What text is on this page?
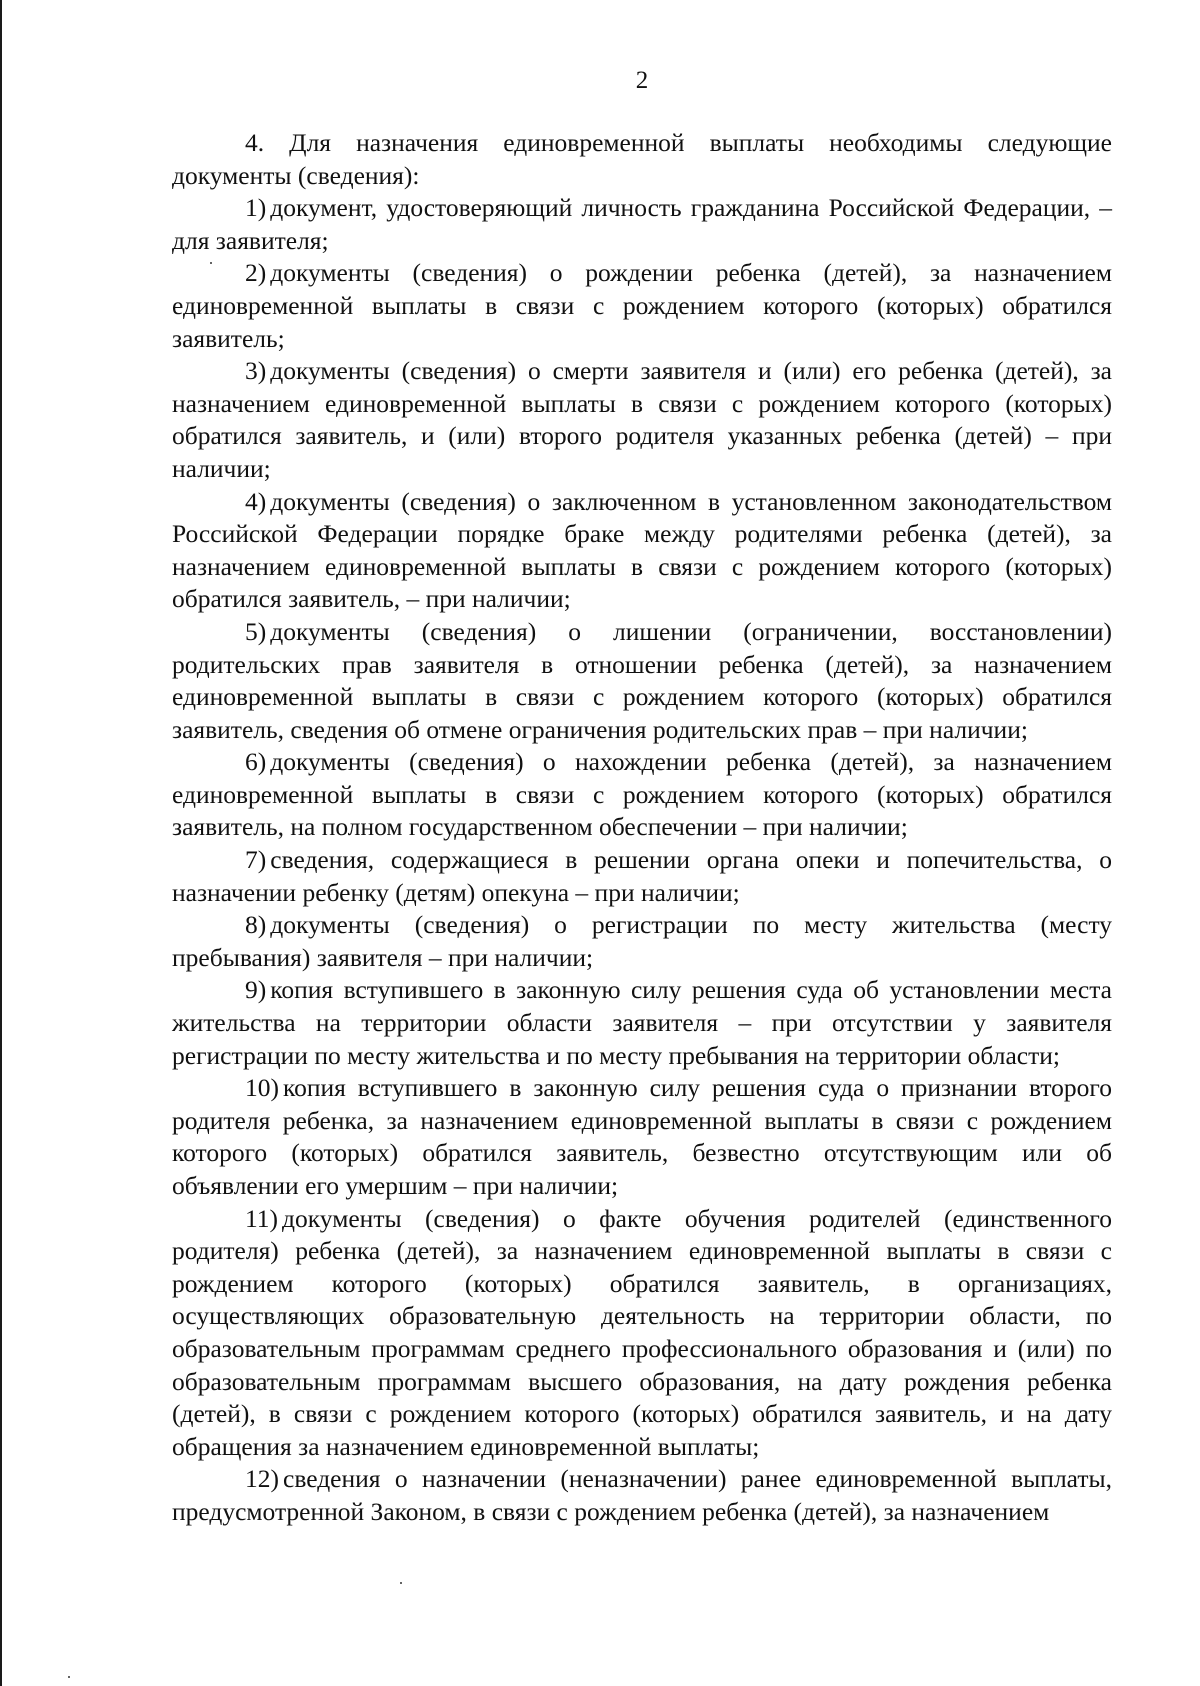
2

4. Для назначения единовременной выплаты необходимы следующие документы (сведения):

1) документ, удостоверяющий личность гражданина Российской Федерации, – для заявителя;

2) документы (сведения) о рождении ребенка (детей), за назначением единовременной выплаты в связи с рождением которого (которых) обратился заявитель;

3) документы (сведения) о смерти заявителя и (или) его ребенка (детей), за назначением единовременной выплаты в связи с рождением которого (которых) обратился заявитель, и (или) второго родителя указанных ребенка (детей) – при наличии;

4) документы (сведения) о заключенном в установленном законодательством Российской Федерации порядке браке между родителями ребенка (детей), за назначением единовременной выплаты в связи с рождением которого (которых) обратился заявитель, – при наличии;

5) документы (сведения) о лишении (ограничении, восстановлении) родительских прав заявителя в отношении ребенка (детей), за назначением единовременной выплаты в связи с рождением которого (которых) обратился заявитель, сведения об отмене ограничения родительских прав – при наличии;

6) документы (сведения) о нахождении ребенка (детей), за назначением единовременной выплаты в связи с рождением которого (которых) обратился заявитель, на полном государственном обеспечении – при наличии;

7) сведения, содержащиеся в решении органа опеки и попечительства, о назначении ребенку (детям) опекуна – при наличии;

8) документы (сведения) о регистрации по месту жительства (месту пребывания) заявителя – при наличии;

9) копия вступившего в законную силу решения суда об установлении места жительства на территории области заявителя – при отсутствии у заявителя регистрации по месту жительства и по месту пребывания на территории области;

10) копия вступившего в законную силу решения суда о признании второго родителя ребенка, за назначением единовременной выплаты в связи с рождением которого (которых) обратился заявитель, безвестно отсутствующим или об объявлении его умершим – при наличии;

11) документы (сведения) о факте обучения родителей (единственного родителя) ребенка (детей), за назначением единовременной выплаты в связи с рождением которого (которых) обратился заявитель, в организациях, осуществляющих образовательную деятельность на территории области, по образовательным программам среднего профессионального образования и (или) по образовательным программам высшего образования, на дату рождения ребенка (детей), в связи с рождением которого (которых) обратился заявитель, и на дату обращения за назначением единовременной выплаты;

12) сведения о назначении (неназначении) ранее единовременной выплаты, предусмотренной Законом, в связи с рождением ребенка (детей), за назначением
